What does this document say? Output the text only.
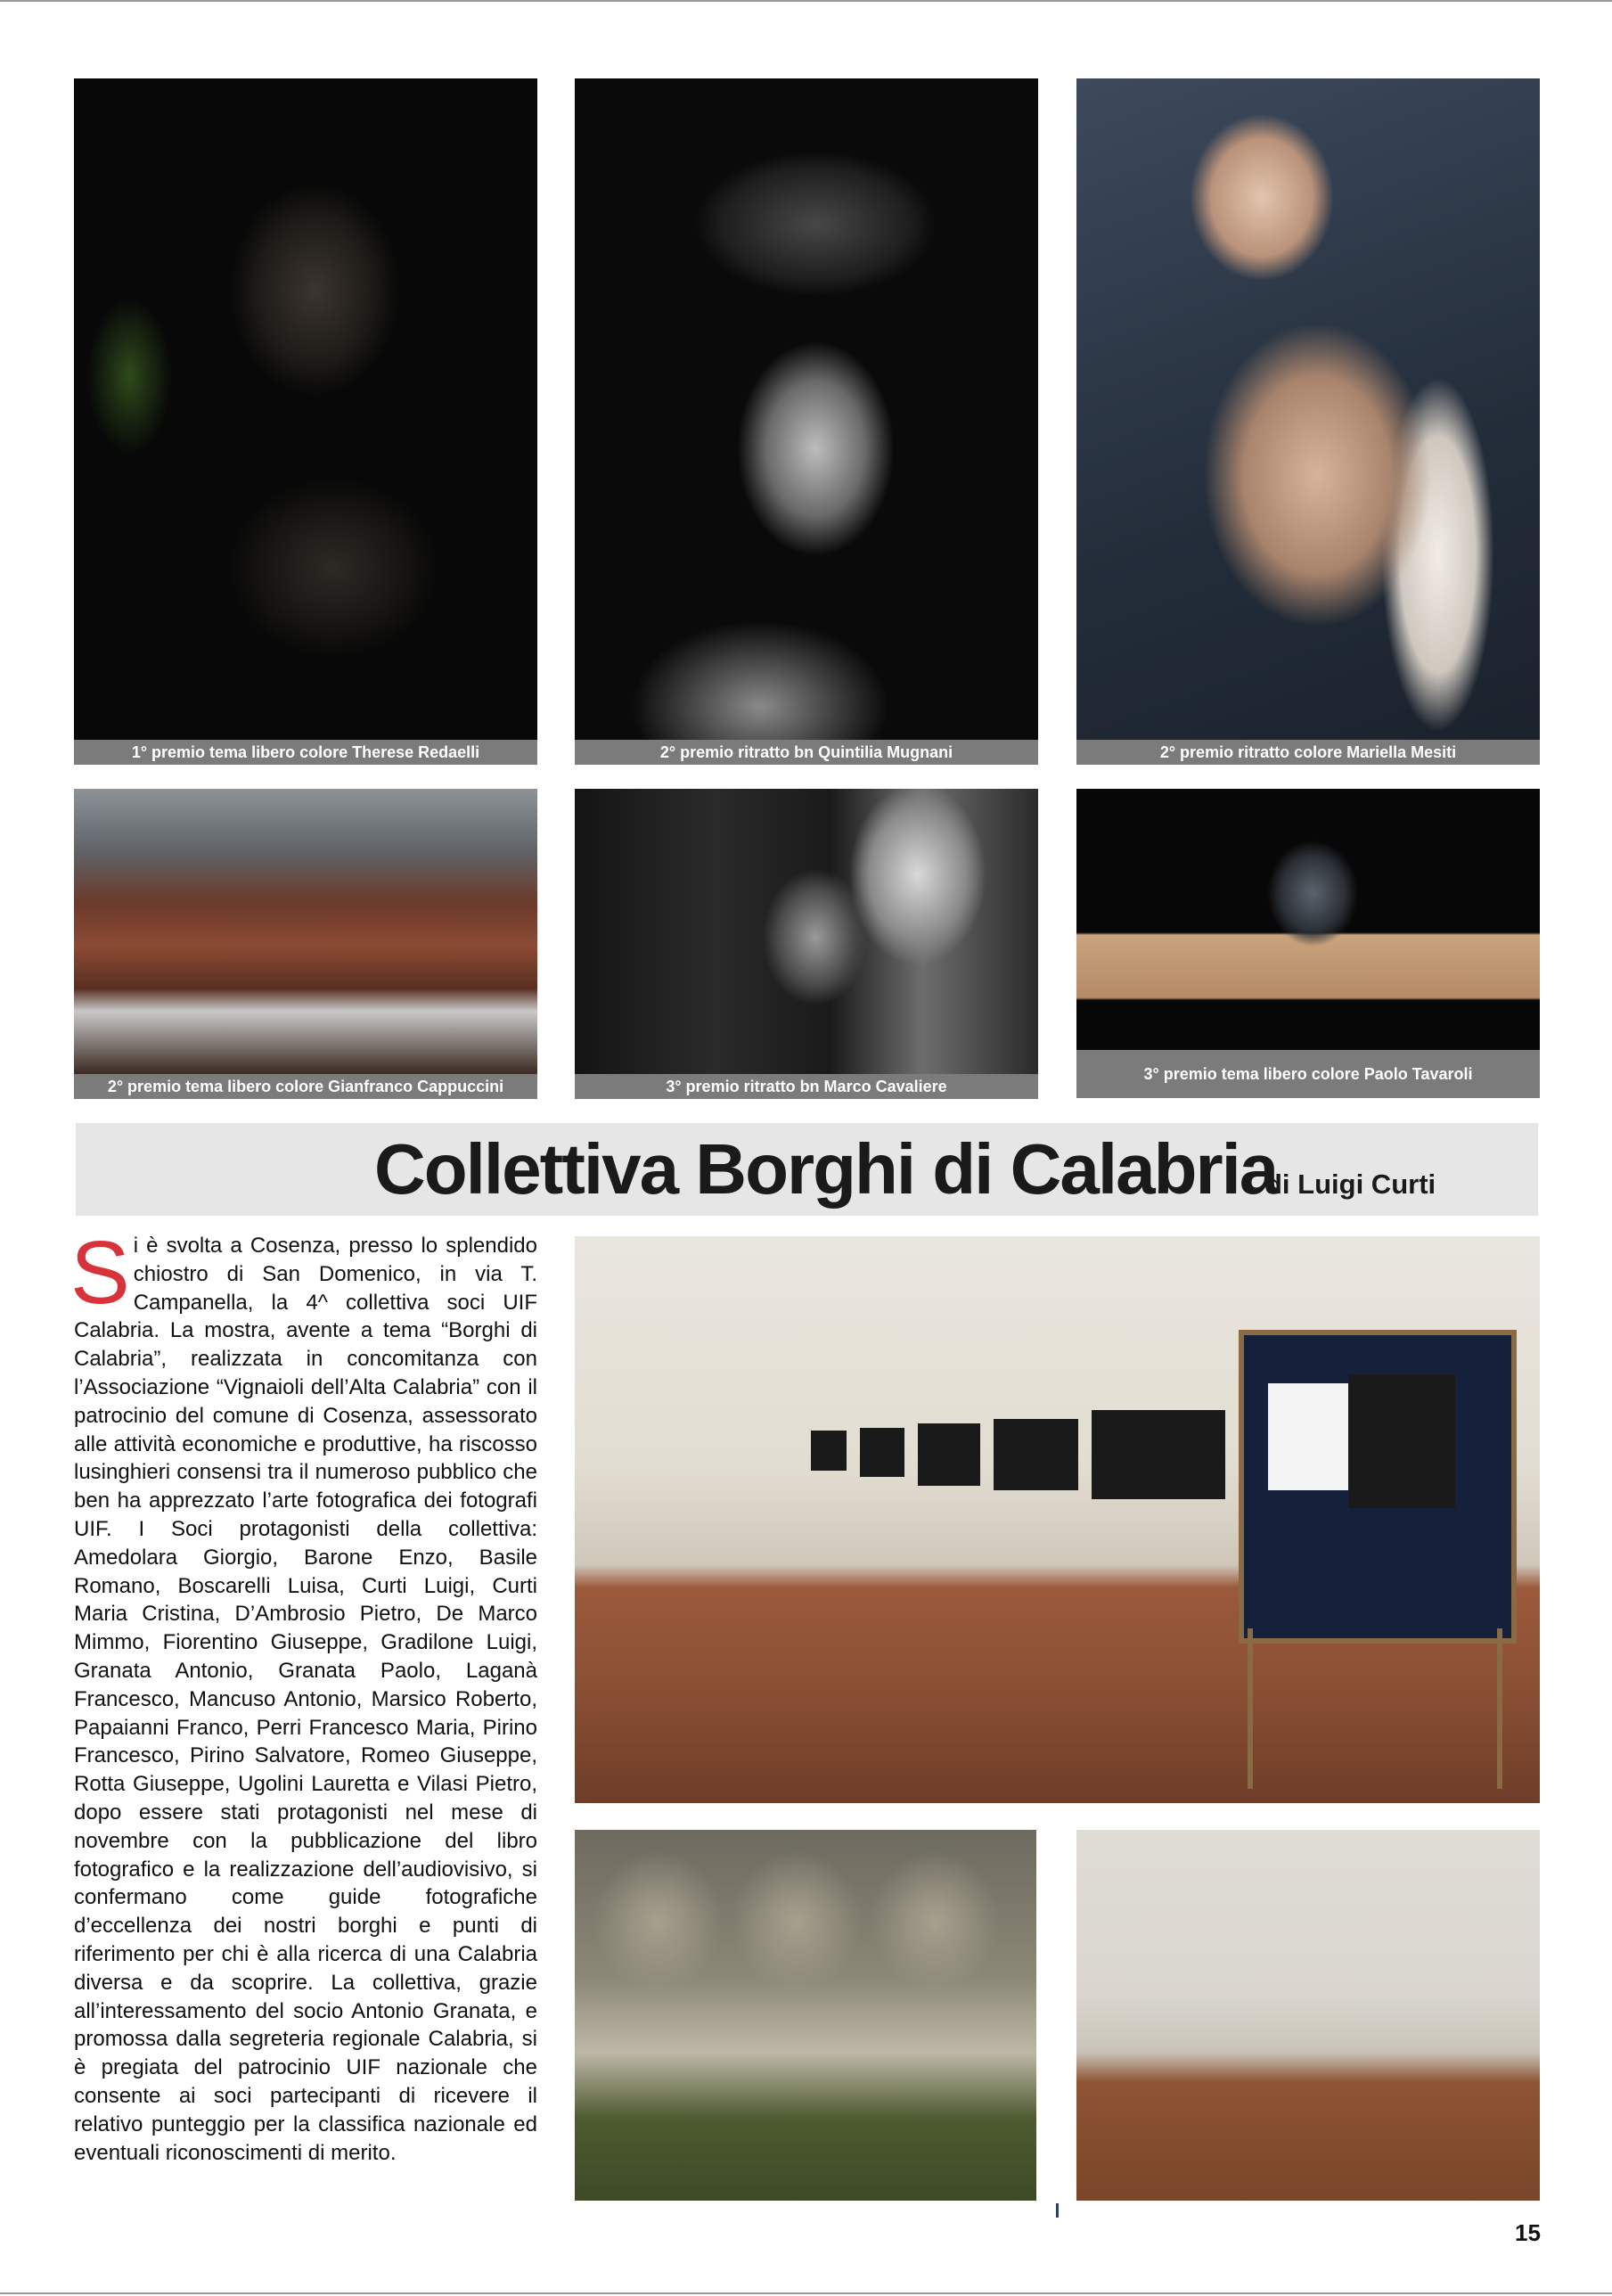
1° premio tema libero colore Therese Redaelli	2° premio ritratto bn Quintilia Mugnani	2° premio ritratto colore Mariella Mesiti
2° premio tema libero colore Gianfranco Cappuccini	3° premio ritratto bn Marco Cavaliere
3° premio tema libero colore Paolo Tavaroli
Collettiva Borghi di Calabria
di Luigi Curti
Si è svolta a Cosenza, presso lo splendido chiostro di San Domenico, in via T. Campanella, la 4^ collettiva soci UIF Calabria. La mostra, avente a tema “Borghi di Calabria”, realizzata in concomitanza con l’Associazione “Vignaioli dell’Alta Calabria” con il patrocinio del comune di Cosenza, assessorato alle attività economiche e produttive, ha riscosso lusinghieri consensi tra il numeroso pubblico che ben ha apprezzato l’arte fotografica dei fotografi UIF. I Soci protagonisti della collettiva: Amedolara Giorgio, Barone Enzo, Basile Romano, Boscarelli Luisa, Curti Luigi, Curti Maria Cristina, D’Ambrosio Pietro, De Marco Mimmo, Fiorentino Giuseppe, Gradilone Luigi, Granata Antonio, Granata Paolo, Laganà Francesco, Mancuso Antonio, Marsico Roberto, Papaianni Franco, Perri Francesco Maria, Pirino Francesco, Pirino Salvatore, Romeo Giuseppe, Rotta Giuseppe, Ugolini Lauretta e Vilasi Pietro, dopo essere stati protagonisti nel mese di novembre con la pubblicazione del libro fotografico e la realizzazione dell’audiovisivo, si confermano come guide fotografiche d’eccellenza dei nostri borghi e punti di riferimento per chi è alla ricerca di una Calabria diversa e da scoprire. La collettiva, grazie all’interessamento del socio Antonio Granata, e promossa dalla segreteria regionale Calabria, si è pregiata del patrocinio UIF nazionale che consente ai soci partecipanti di ricevere il relativo punteggio per la classifica nazionale ed eventuali riconoscimenti di merito.
15
